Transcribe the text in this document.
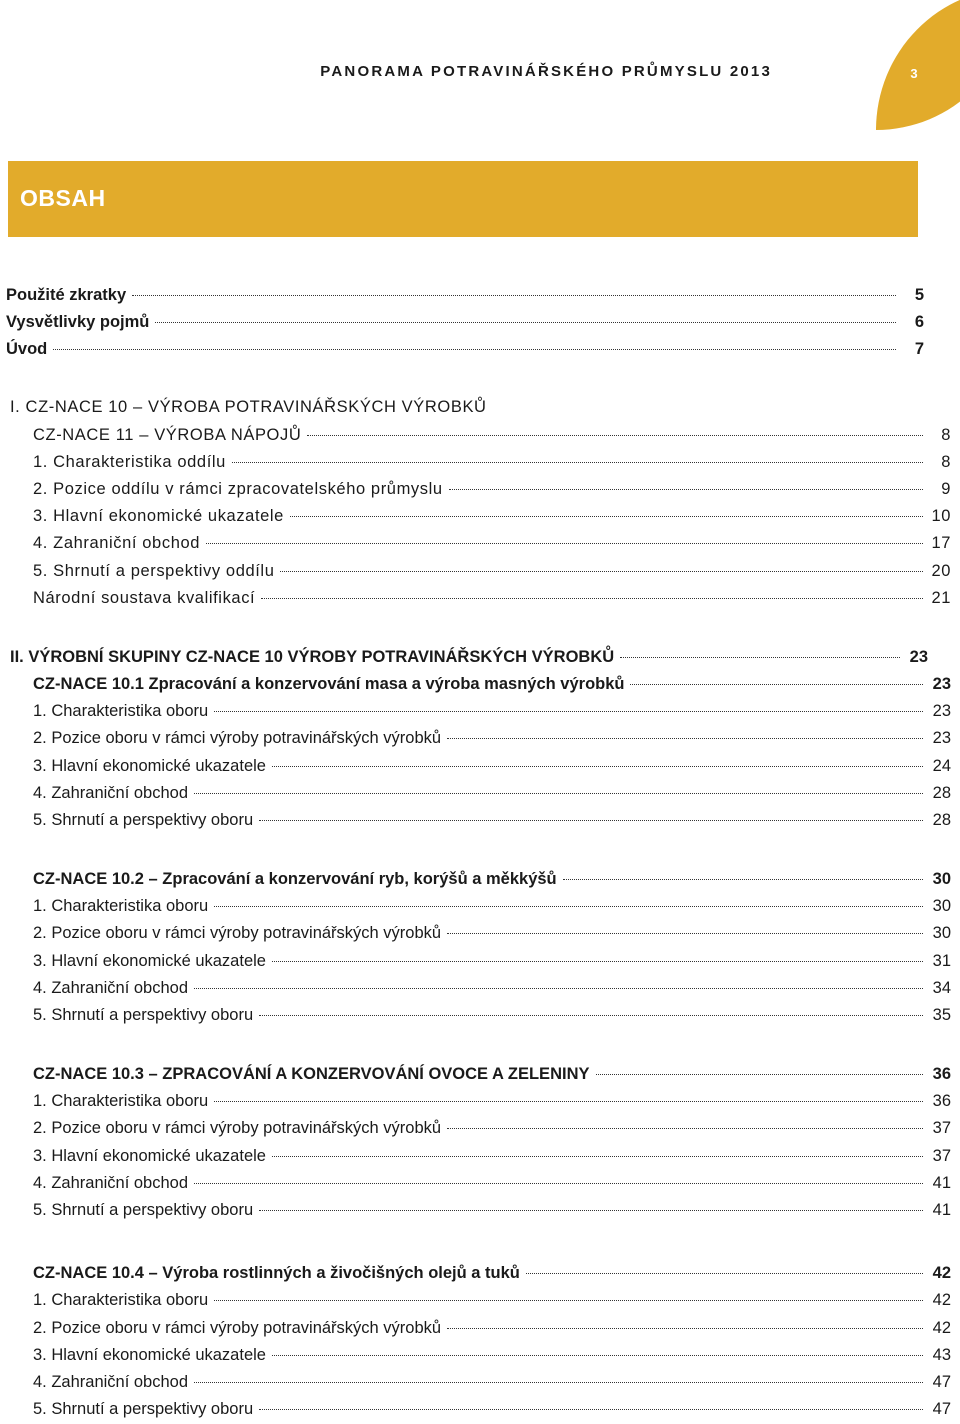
PANORAMA POTRAVINÁŘSKÉHO PRŮMYSLU 2013	3
OBSAH
Použité zkratky	5
Vysvětlivky pojmů	6
Úvod	7
I. CZ-NACE 10 – VÝROBA POTRAVINÁŘSKÝCH VÝROBKŮ
CZ-NACE 11 – VÝROBA NÁPOJŮ	8
1. Charakteristika oddílu	8
2. Pozice oddílu v rámci zpracovatelského průmyslu	9
3. Hlavní ekonomické ukazatele	10
4. Zahraniční obchod	17
5. Shrnutí a perspektivy oddílu	20
Národní soustava kvalifikací	21
II. VÝROBNÍ SKUPINY CZ-NACE 10 VÝROBY POTRAVINÁŘSKÝCH VÝROBKŮ	23
CZ-NACE 10.1 Zpracování a konzervování masa a výroba masných výrobků	23
1. Charakteristika oboru	23
2. Pozice oboru v rámci výroby potravinářských výrobků	23
3. Hlavní ekonomické ukazatele	24
4. Zahraniční obchod	28
5. Shrnutí a perspektivy oboru	28
CZ-NACE 10.2 – Zpracování a konzervování ryb, korýšů a měkkýšů	30
1. Charakteristika oboru	30
2. Pozice oboru v rámci výroby potravinářských výrobků	30
3. Hlavní ekonomické ukazatele	31
4. Zahraniční obchod	34
5. Shrnutí a perspektivy oboru	35
CZ-NACE 10.3 – ZPRACOVÁNÍ A KONZERVOVÁNÍ OVOCE A ZELENINY	36
1. Charakteristika oboru	36
2. Pozice oboru v rámci výroby potravinářských výrobků	37
3. Hlavní ekonomické ukazatele	37
4. Zahraniční obchod	41
5. Shrnutí a perspektivy oboru	41
CZ-NACE 10.4 – Výroba rostlinných a živočišných olejů a tuků	42
1. Charakteristika oboru	42
2. Pozice oboru v rámci výroby potravinářských výrobků	42
3. Hlavní ekonomické ukazatele	43
4. Zahraniční obchod	47
5. Shrnutí a perspektivy oboru	47
